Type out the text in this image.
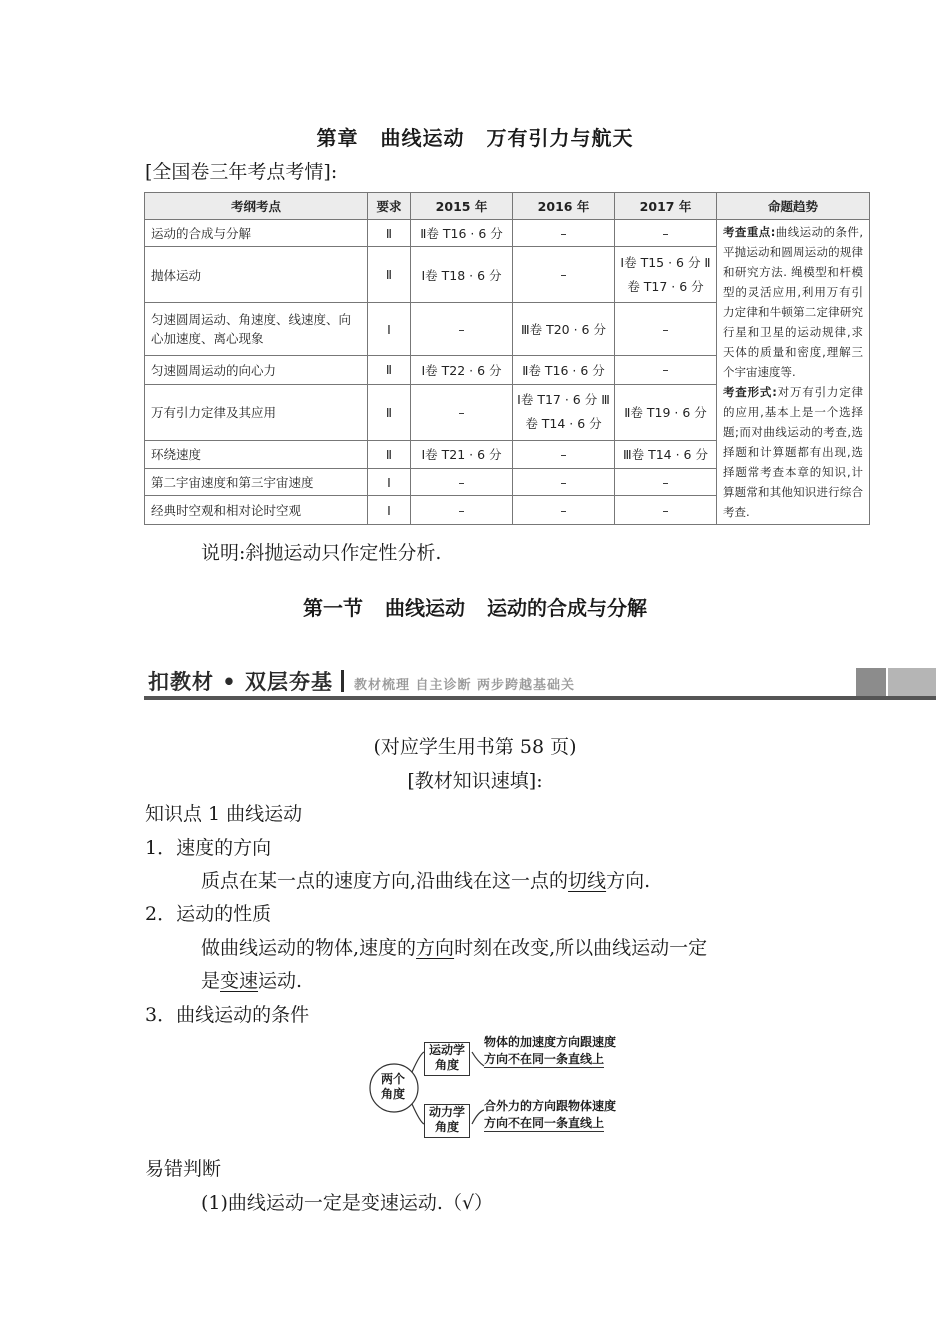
第章 曲线运动 万有引力与航天
[全国卷三年考点考情]:
考纲考点	要求	2015 年	2016 年	2017 年	命题趋势
运动的合成与分解	Ⅱ	Ⅱ卷 T16 · 6 分	–	–	考查重点:曲线运动的条件,平抛运动和圆周运动的规律和研究方法. 绳模型和杆模型的灵活应用,利用万有引力定律和牛顿第二定律研究行星和卫星的运动规律,求天体的质量和密度,理解三个宇宙速度等.
考查形式:对万有引力定律的应用,基本上是一个选择题;而对曲线运动的考查,选择题和计算题都有出现,选择题常考查本章的知识,计算题常和其他知识进行综合考查.
抛体运动	Ⅱ	Ⅰ卷 T18 · 6 分	–	Ⅰ卷 T15 · 6 分 Ⅱ卷 T17 · 6 分	
匀速圆周运动、角速度、线速度、向心加速度、离心现象	Ⅰ	–	Ⅲ卷 T20 · 6 分	–	
匀速圆周运动的向心力	Ⅱ	Ⅰ卷 T22 · 6 分	Ⅱ卷 T16 · 6 分	–	
万有引力定律及其应用	Ⅱ	–	Ⅰ卷 T17 · 6 分 Ⅲ卷 T14 · 6 分	Ⅱ卷 T19 · 6 分	
环绕速度	Ⅱ	Ⅰ卷 T21 · 6 分	–	Ⅲ卷 T14 · 6 分	
第二宇宙速度和第三宇宙速度	Ⅰ	–	–	–	
经典时空观和相对论时空观	Ⅰ	–	–	–	
说明:斜抛运动只作定性分析.
第一节 曲线运动 运动的合成与分解
扣教材 • 双层夯基 教材梳理 自主诊断 两步跨越基础关
(对应学生用书第 58 页)
[教材知识速填]:
知识点 1 曲线运动
1．速度的方向
质点在某一点的速度方向,沿曲线在这一点的切线方向.
2．运动的性质
做曲线运动的物体,速度的方向时刻在改变,所以曲线运动一定
是变速运动.
3．曲线运动的条件
两个角度
运动学角度
动力学角度
物体的加速度方向跟速度
方向不在同一条直线上
合外力的方向跟物体速度
方向不在同一条直线上
易错判断
(1)曲线运动一定是变速运动.（√）
